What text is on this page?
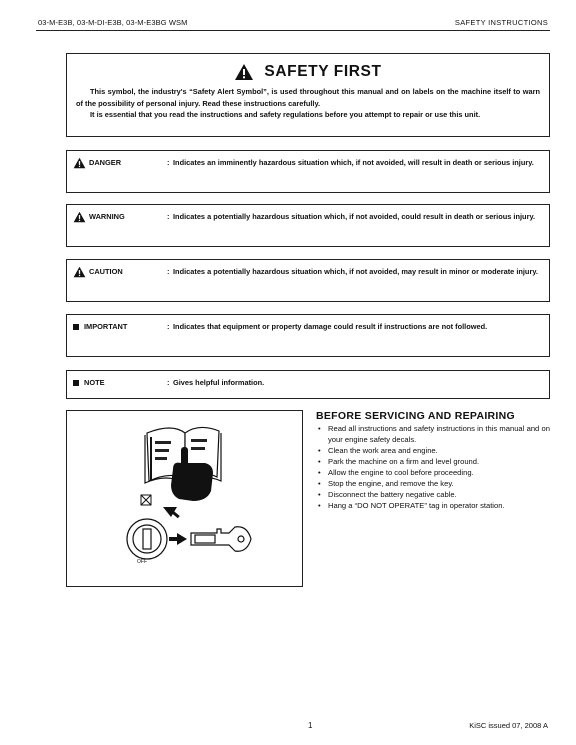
03-M-E3B, 03-M-DI-E3B, 03-M-E3BG WSM	SAFETY INSTRUCTIONS
SAFETY FIRST

This symbol, the industry's “Safety Alert Symbol”, is used throughout this manual and on labels on the machine itself to warn of the possibility of personal injury. Read these instructions carefully.

It is essential that you read the instructions and safety regulations before you attempt to repair or use this unit.

DANGER	: Indicates an imminently hazardous situation which, if not avoided, will result in death or serious injury.
WARNING	: Indicates a potentially hazardous situation which, if not avoided, could result in death or serious injury.
CAUTION	: Indicates a potentially hazardous situation which, if not avoided, may result in minor or moderate injury.
IMPORTANT	: Indicates that equipment or property damage could result if instructions are not followed.
NOTE	: Gives helpful information.
OFF
BEFORE SERVICING AND REPAIRING
• Read all instructions and safety instructions in this manual and on your engine safety decals.
• Clean the work area and engine.
• Park the machine on a firm and level ground.
• Allow the engine to cool before proceeding.
• Stop the engine, and remove the key.
• Disconnect the battery negative cable.
• Hang a “DO NOT OPERATE” tag in operator station.
1	KiSC issued 07, 2008 A
